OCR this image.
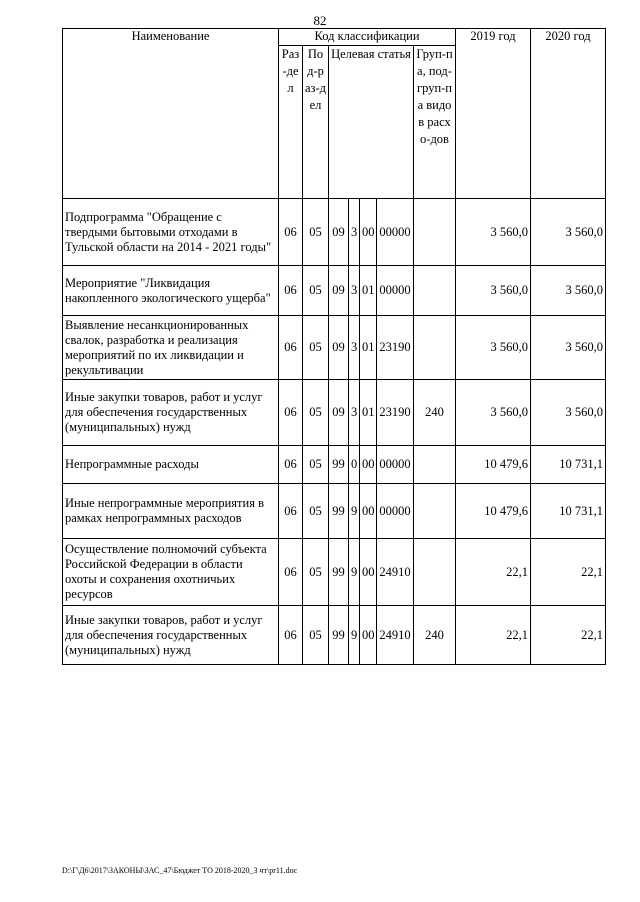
82
Наименование	Код классификации							2019 год	2020 год

	Раз-​дел	Под-раз-дел	Целевая статья				Груп-па, под-груп-па видов расхо-дов		

Подпрограмма "Обращение с твердыми бытовыми отходами в Тульской области на 2014 - 2021 годы"	06	05	09	3	00	00000		3 560,0	3 560,0
Мероприятие "Ликвидация накопленного экологического ущерба"	06	05	09	3	01	00000		3 560,0	3 560,0
Выявление несанкционированных свалок, разработка и реализация мероприятий по их ликвидации и рекультивации	06	05	09	3	01	23190		3 560,0	3 560,0
Иные закупки товаров, работ и услуг для обеспечения государственных (муниципальных) нужд	06	05	09	3	01	23190	240	3 560,0	3 560,0
Непрограммные расходы	06	05	99	0	00	00000		10 479,6	10 731,1
Иные непрограммные мероприятия в рамках непрограммных расходов	06	05	99	9	00	00000		10 479,6	10 731,1
Осуществление полномочий субъекта Российской Федерации в области охоты и сохранения охотничьих ресурсов	06	05	99	9	00	24910		22,1	22,1
Иные закупки товаров, работ и услуг для обеспечения государственных (муниципальных) нужд	06	05	99	9	00	24910	240	22,1	22,1
D:\Г\Д6\2017\ЗАКОНЫ\ЗАС_47\Бюджет ТО 2018-2020_3 чт\pr11.doc
